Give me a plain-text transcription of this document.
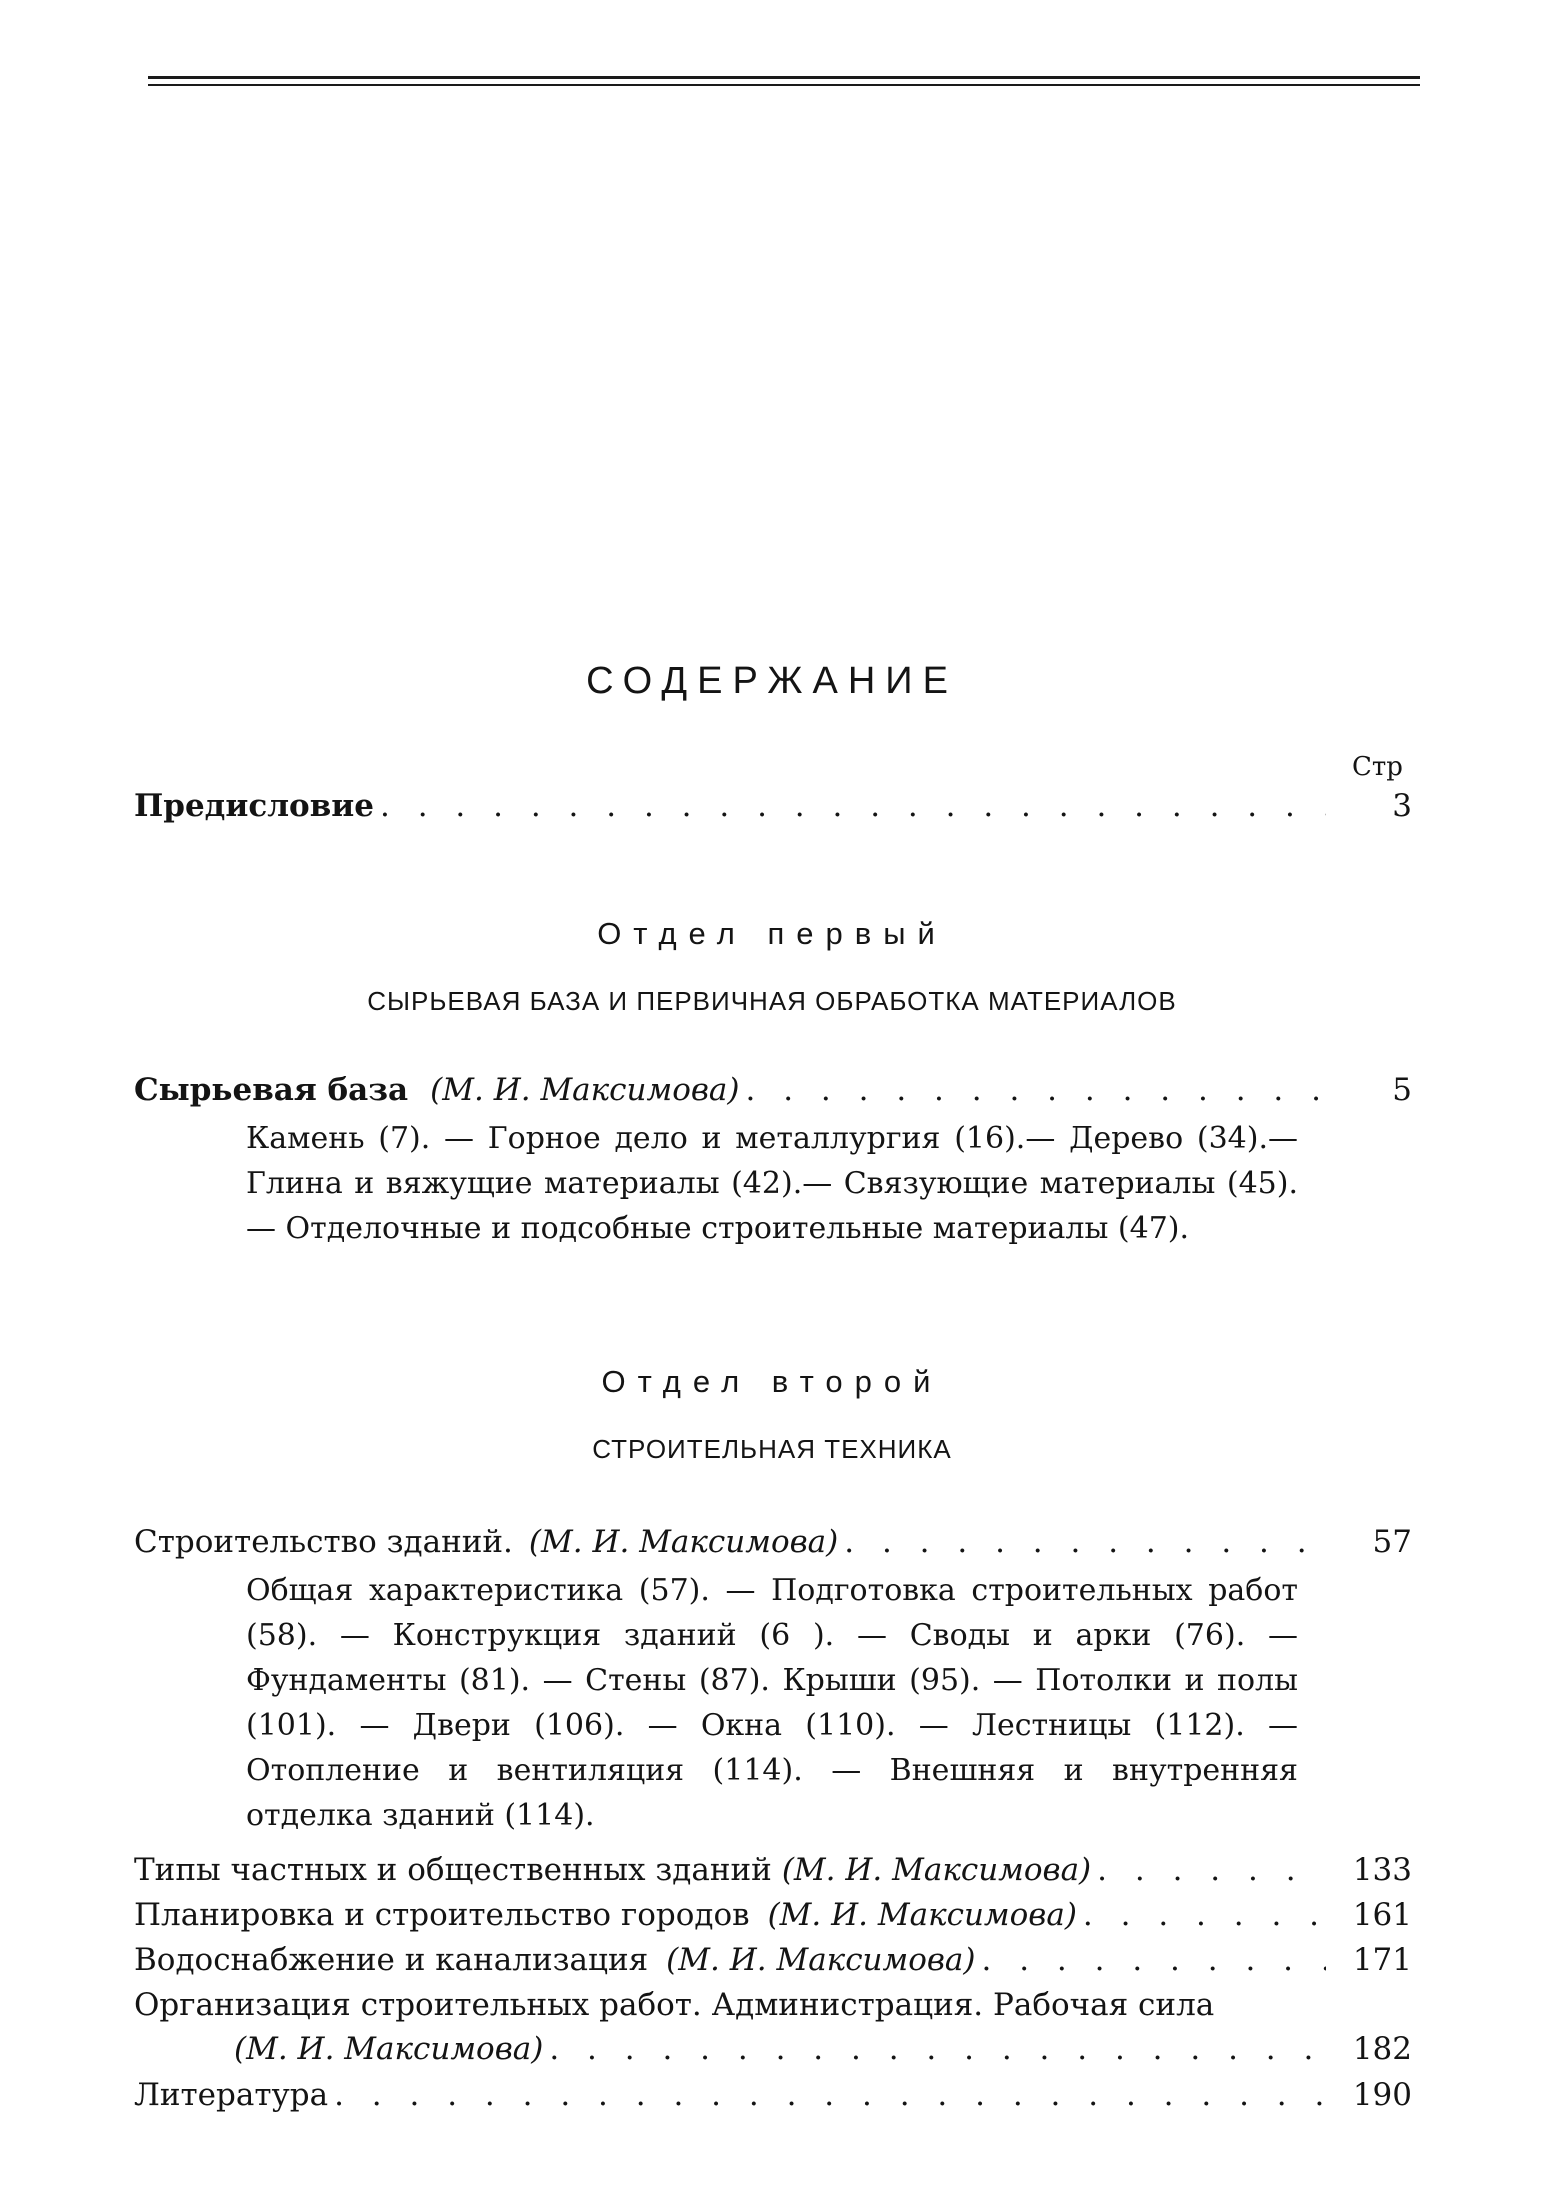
СОДЕРЖАНИЕ
Стр
Предисловие . . .	3
Отдел первый
СЫРЬЕВАЯ БАЗА И ПЕРВИЧНАЯ ОБРАБОТКА МАТЕРИАЛОВ
Сырьевая база (М. И. Максимова) . . .	5
Камень (7). — Горное дело и металлургия (16).— Дерево (34).— Глина и вяжущие материалы (42).— Связующие материалы (45).— Отделочные и подсобные строительные материалы (47).
Отдел второй
СТРОИТЕЛЬНАЯ ТЕХНИКА
Строительство зданий. (М. И. Максимова) . . .	57
Общая характеристика (57). — Подготовка строительных работ (58). — Конструкция зданий (6 ). — Своды и арки (76). — Фундаменты (81). — Стены (87). Крыши (95). — Потолки и полы (101). — Двери (106). — Окна (110). — Лестницы (112). — Отопление и вентиляция (114). — Внешняя и внутренняя отделка зданий (114).
Типы частных и общественных зданий (М. И. Максимова) . . .	133
Планировка и строительство городов (М. И. Максимова) . . .	161
Водоснабжение и канализация (М. И. Максимова) . . .	171
Организация строительных работ. Администрация. Рабочая сила
(М. И. Максимова) . . .	182
Литература . . .	190
